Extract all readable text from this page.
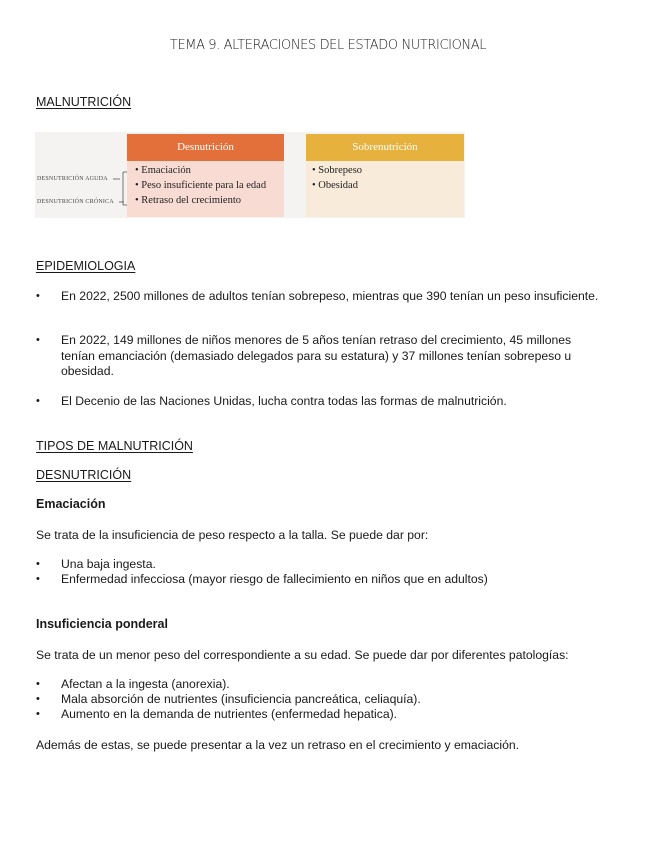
TEMA 9. ALTERACIONES DEL ESTADO NUTRICIONAL
MALNUTRICIÓN
DESNUTRICIÓN AGUDA
DESNUTRICIÓN CRÓNICA
Desnutrición
• Emaciación
• Peso insuficiente para la edad
• Retraso del crecimiento
Sobrenutrición
• Sobrepeso
• Obesidad
EPIDEMIOLOGIA
• En 2022, 2500 millones de adultos tenían sobrepeso, mientras que 390 tenían un peso insuficiente.
• En 2022, 149 millones de niños menores de 5 años tenían retraso del crecimiento, 45 millones tenían emanciación (demasiado delegados para su estatura) y 37 millones tenían sobrepeso u obesidad.
• El Decenio de las Naciones Unidas, lucha contra todas las formas de malnutrición.
TIPOS DE MALNUTRICIÓN
DESNUTRICIÓN
Emaciación
Se trata de la insuficiencia de peso respecto a la talla. Se puede dar por:
• Una baja ingesta.
• Enfermedad infecciosa (mayor riesgo de fallecimiento en niños que en adultos)
Insuficiencia ponderal
Se trata de un menor peso del correspondiente a su edad. Se puede dar por diferentes patologías:
• Afectan a la ingesta (anorexia).
• Mala absorción de nutrientes (insuficiencia pancreática, celiaquía).
• Aumento en la demanda de nutrientes (enfermedad hepatica).
Además de estas, se puede presentar a la vez un retraso en el crecimiento y emaciación.
